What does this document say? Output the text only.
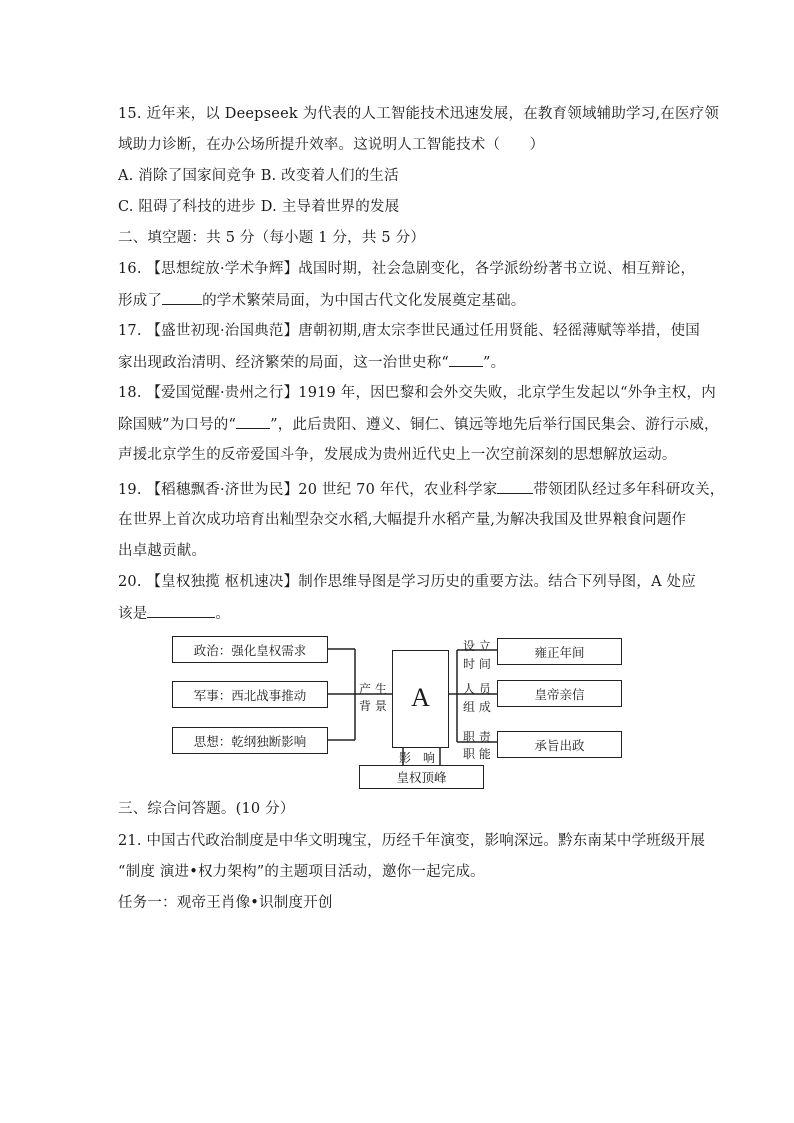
15. 近年来，以 Deepseek 为代表的人工智能技术迅速发展，在教育领域辅助学习,在医疗领
域助力诊断，在办公场所提升效率。这说明人工智能技术（　　）
A. 消除了国家间竞争 B. 改变着人们的生活
C. 阻碍了科技的进步 D. 主导着世界的发展
二、填空题：共 5 分（每小题 1 分，共 5 分）
16. 【思想绽放·学术争辉】战国时期，社会急剧变化，各学派纷纷著书立说、相互辩论，
形成了	的学术繁荣局面，为中国古代文化发展奠定基础。
17. 【盛世初现·治国典范】唐朝初期,唐太宗李世民通过任用贤能、轻徭薄赋等举措，使国
家出现政治清明、经济繁荣的局面，这一治世史称“ ”。
18. 【爱国觉醒·贵州之行】1919 年，因巴黎和会外交失败，北京学生发起以“外争主权，内
除国贼”为口号的“ ”，此后贵阳、遵义、铜仁、镇远等地先后举行国民集会、游行示威，
声援北京学生的反帝爱国斗争，发展成为贵州近代史上一次空前深刻的思想解放运动。
19. 【稻穗飘香·济世为民】20 世纪 70 年代，农业科学家 带领团队经过多年科研攻关，
在世界上首次成功培育出籼型杂交水稻,大幅提升水稻产量,为解决我国及世界粮食问题作
出卓越贡献。
20. 【皇权独揽 枢机速决】制作思维导图是学习历史的重要方法。结合下列导图，A 处应
该是	。
政治：强化皇权需求
军事：西北战事推动
思想：乾纲独断影响
产 生
背 景 A
设 立
时 间
人 员
组 成
职 责
职 能
雍正年间
皇帝亲信
承旨出政
影　响
皇权顶峰
三、综合问答题。(10 分）
21. 中国古代政治制度是中华文明瑰宝，历经千年演变，影响深远。黔东南某中学班级开展
“制度 演进•权力架构”的主题项目活动，邀你一起完成。
任务一：观帝王肖像•识制度开创
